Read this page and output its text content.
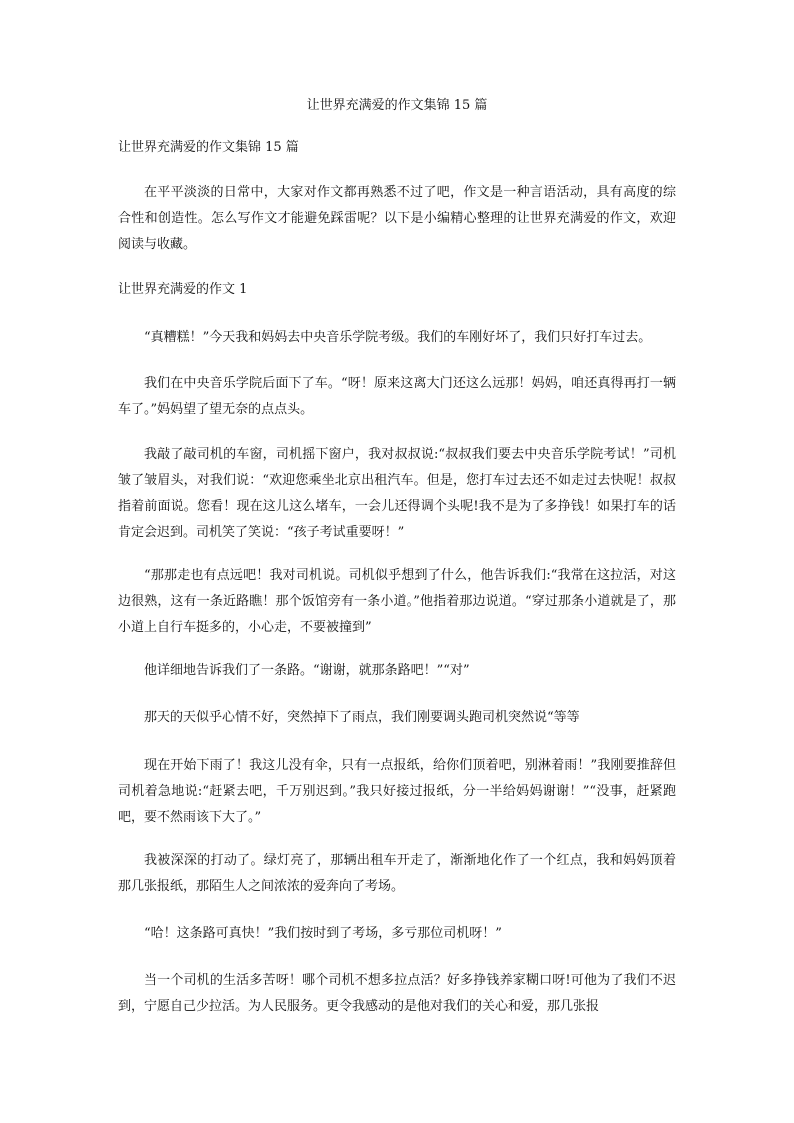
让世界充满爱的作文集锦 15 篇

让世界充满爱的作文集锦 15 篇

在平平淡淡的日常中，大家对作文都再熟悉不过了吧，作文是一种言语活动，具有高度的综合性和创造性。怎么写作文才能避免踩雷呢？以下是小编精心整理的让世界充满爱的作文，欢迎阅读与收藏。

让世界充满爱的作文 1

“真糟糕！”今天我和妈妈去中央音乐学院考级。我们的车刚好坏了，我们只好打车过去。

我们在中央音乐学院后面下了车。“呀！原来这离大门还这么远那！妈妈，咱还真得再打一辆车了。”妈妈望了望无奈的点点头。

我敲了敲司机的车窗，司机摇下窗户，我对叔叔说:“叔叔我们要去中央音乐学院考试！”司机皱了皱眉头，对我们说：“欢迎您乘坐北京出租汽车。但是，您打车过去还不如走过去快呢！叔叔指着前面说。您看！现在这儿这么堵车，一会儿还得调个头呢!我不是为了多挣钱！如果打车的话肯定会迟到。司机笑了笑说：“孩子考试重要呀！”

“那那走也有点远吧！我对司机说。司机似乎想到了什么，他告诉我们:“我常在这拉活，对这边很熟，这有一条近路瞧！那个饭馆旁有一条小道。”他指着那边说道。“穿过那条小道就是了，那小道上自行车挺多的，小心走，不要被撞到”

他详细地告诉我们了一条路。“谢谢，就那条路吧！”“对”

那天的天似乎心情不好，突然掉下了雨点，我们刚要调头跑司机突然说“等等

现在开始下雨了！我这儿没有伞，只有一点报纸，给你们顶着吧，别淋着雨！”我刚要推辞但司机着急地说:“赶紧去吧，千万别迟到。”我只好接过报纸，分一半给妈妈谢谢！”“没事，赶紧跑吧，要不然雨该下大了。”

我被深深的打动了。绿灯亮了，那辆出租车开走了，渐渐地化作了一个红点，我和妈妈顶着那几张报纸，那陌生人之间浓浓的爱奔向了考场。

“哈！这条路可真快！”我们按时到了考场，多亏那位司机呀！”

当一个司机的生活多苦呀！哪个司机不想多拉点活？好多挣钱养家糊口呀!可他为了我们不迟到，宁愿自己少拉活。为人民服务。更令我感动的是他对我们的关心和爱，那几张报
